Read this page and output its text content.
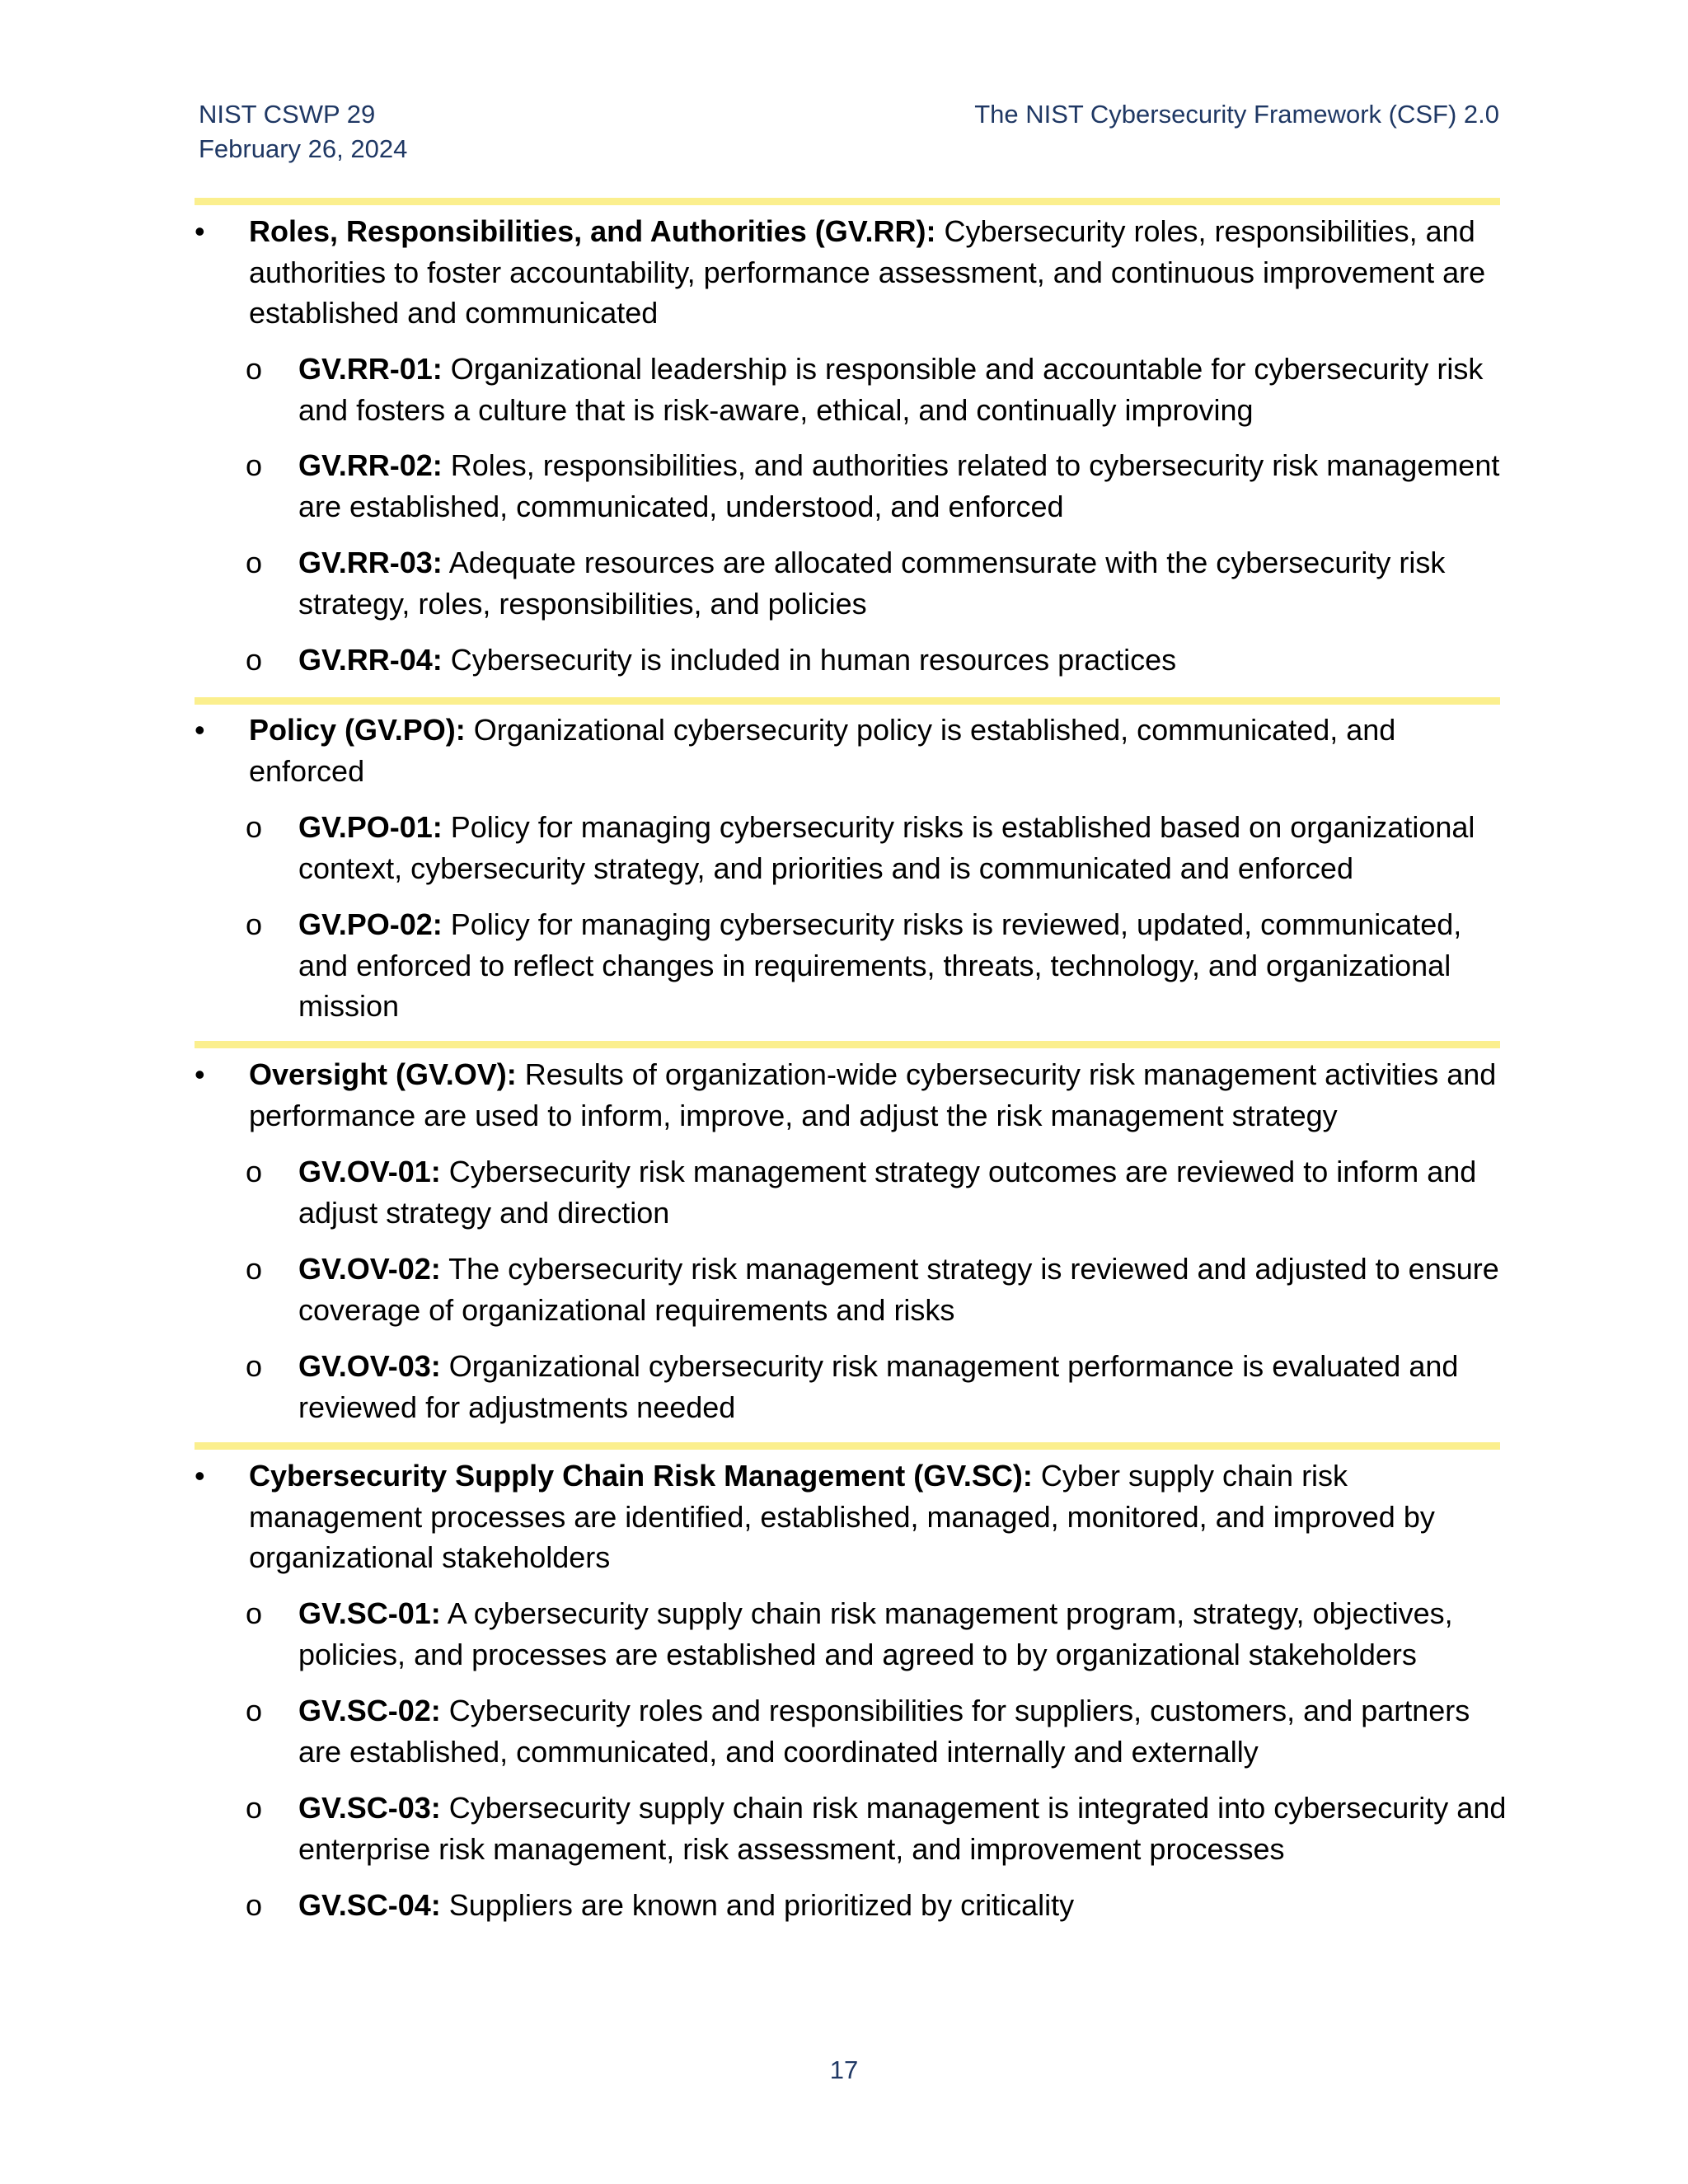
NIST CSWP 29
February 26, 2024
The NIST Cybersecurity Framework (CSF) 2.0
•	Roles, Responsibilities, and Authorities (GV.RR): Cybersecurity roles, responsibilities, and authorities to foster accountability, performance assessment, and continuous improvement are established and communicated
o GV.RR-01: Organizational leadership is responsible and accountable for cybersecurity risk and fosters a culture that is risk-aware, ethical, and continually improving
o GV.RR-02: Roles, responsibilities, and authorities related to cybersecurity risk management are established, communicated, understood, and enforced
o GV.RR-03: Adequate resources are allocated commensurate with the cybersecurity risk strategy, roles, responsibilities, and policies
o GV.RR-04: Cybersecurity is included in human resources practices
•	Policy (GV.PO): Organizational cybersecurity policy is established, communicated, and enforced
o GV.PO-01: Policy for managing cybersecurity risks is established based on organizational context, cybersecurity strategy, and priorities and is communicated and enforced
o GV.PO-02: Policy for managing cybersecurity risks is reviewed, updated, communicated, and enforced to reflect changes in requirements, threats, technology, and organizational mission
•	Oversight (GV.OV): Results of organization-wide cybersecurity risk management activities and performance are used to inform, improve, and adjust the risk management strategy
o GV.OV-01: Cybersecurity risk management strategy outcomes are reviewed to inform and adjust strategy and direction
o GV.OV-02: The cybersecurity risk management strategy is reviewed and adjusted to ensure coverage of organizational requirements and risks
o GV.OV-03: Organizational cybersecurity risk management performance is evaluated and reviewed for adjustments needed
•	Cybersecurity Supply Chain Risk Management (GV.SC): Cyber supply chain risk management processes are identified, established, managed, monitored, and improved by organizational stakeholders
o GV.SC-01: A cybersecurity supply chain risk management program, strategy, objectives, policies, and processes are established and agreed to by organizational stakeholders
o GV.SC-02: Cybersecurity roles and responsibilities for suppliers, customers, and partners are established, communicated, and coordinated internally and externally
o GV.SC-03: Cybersecurity supply chain risk management is integrated into cybersecurity and enterprise risk management, risk assessment, and improvement processes
o GV.SC-04: Suppliers are known and prioritized by criticality
17
